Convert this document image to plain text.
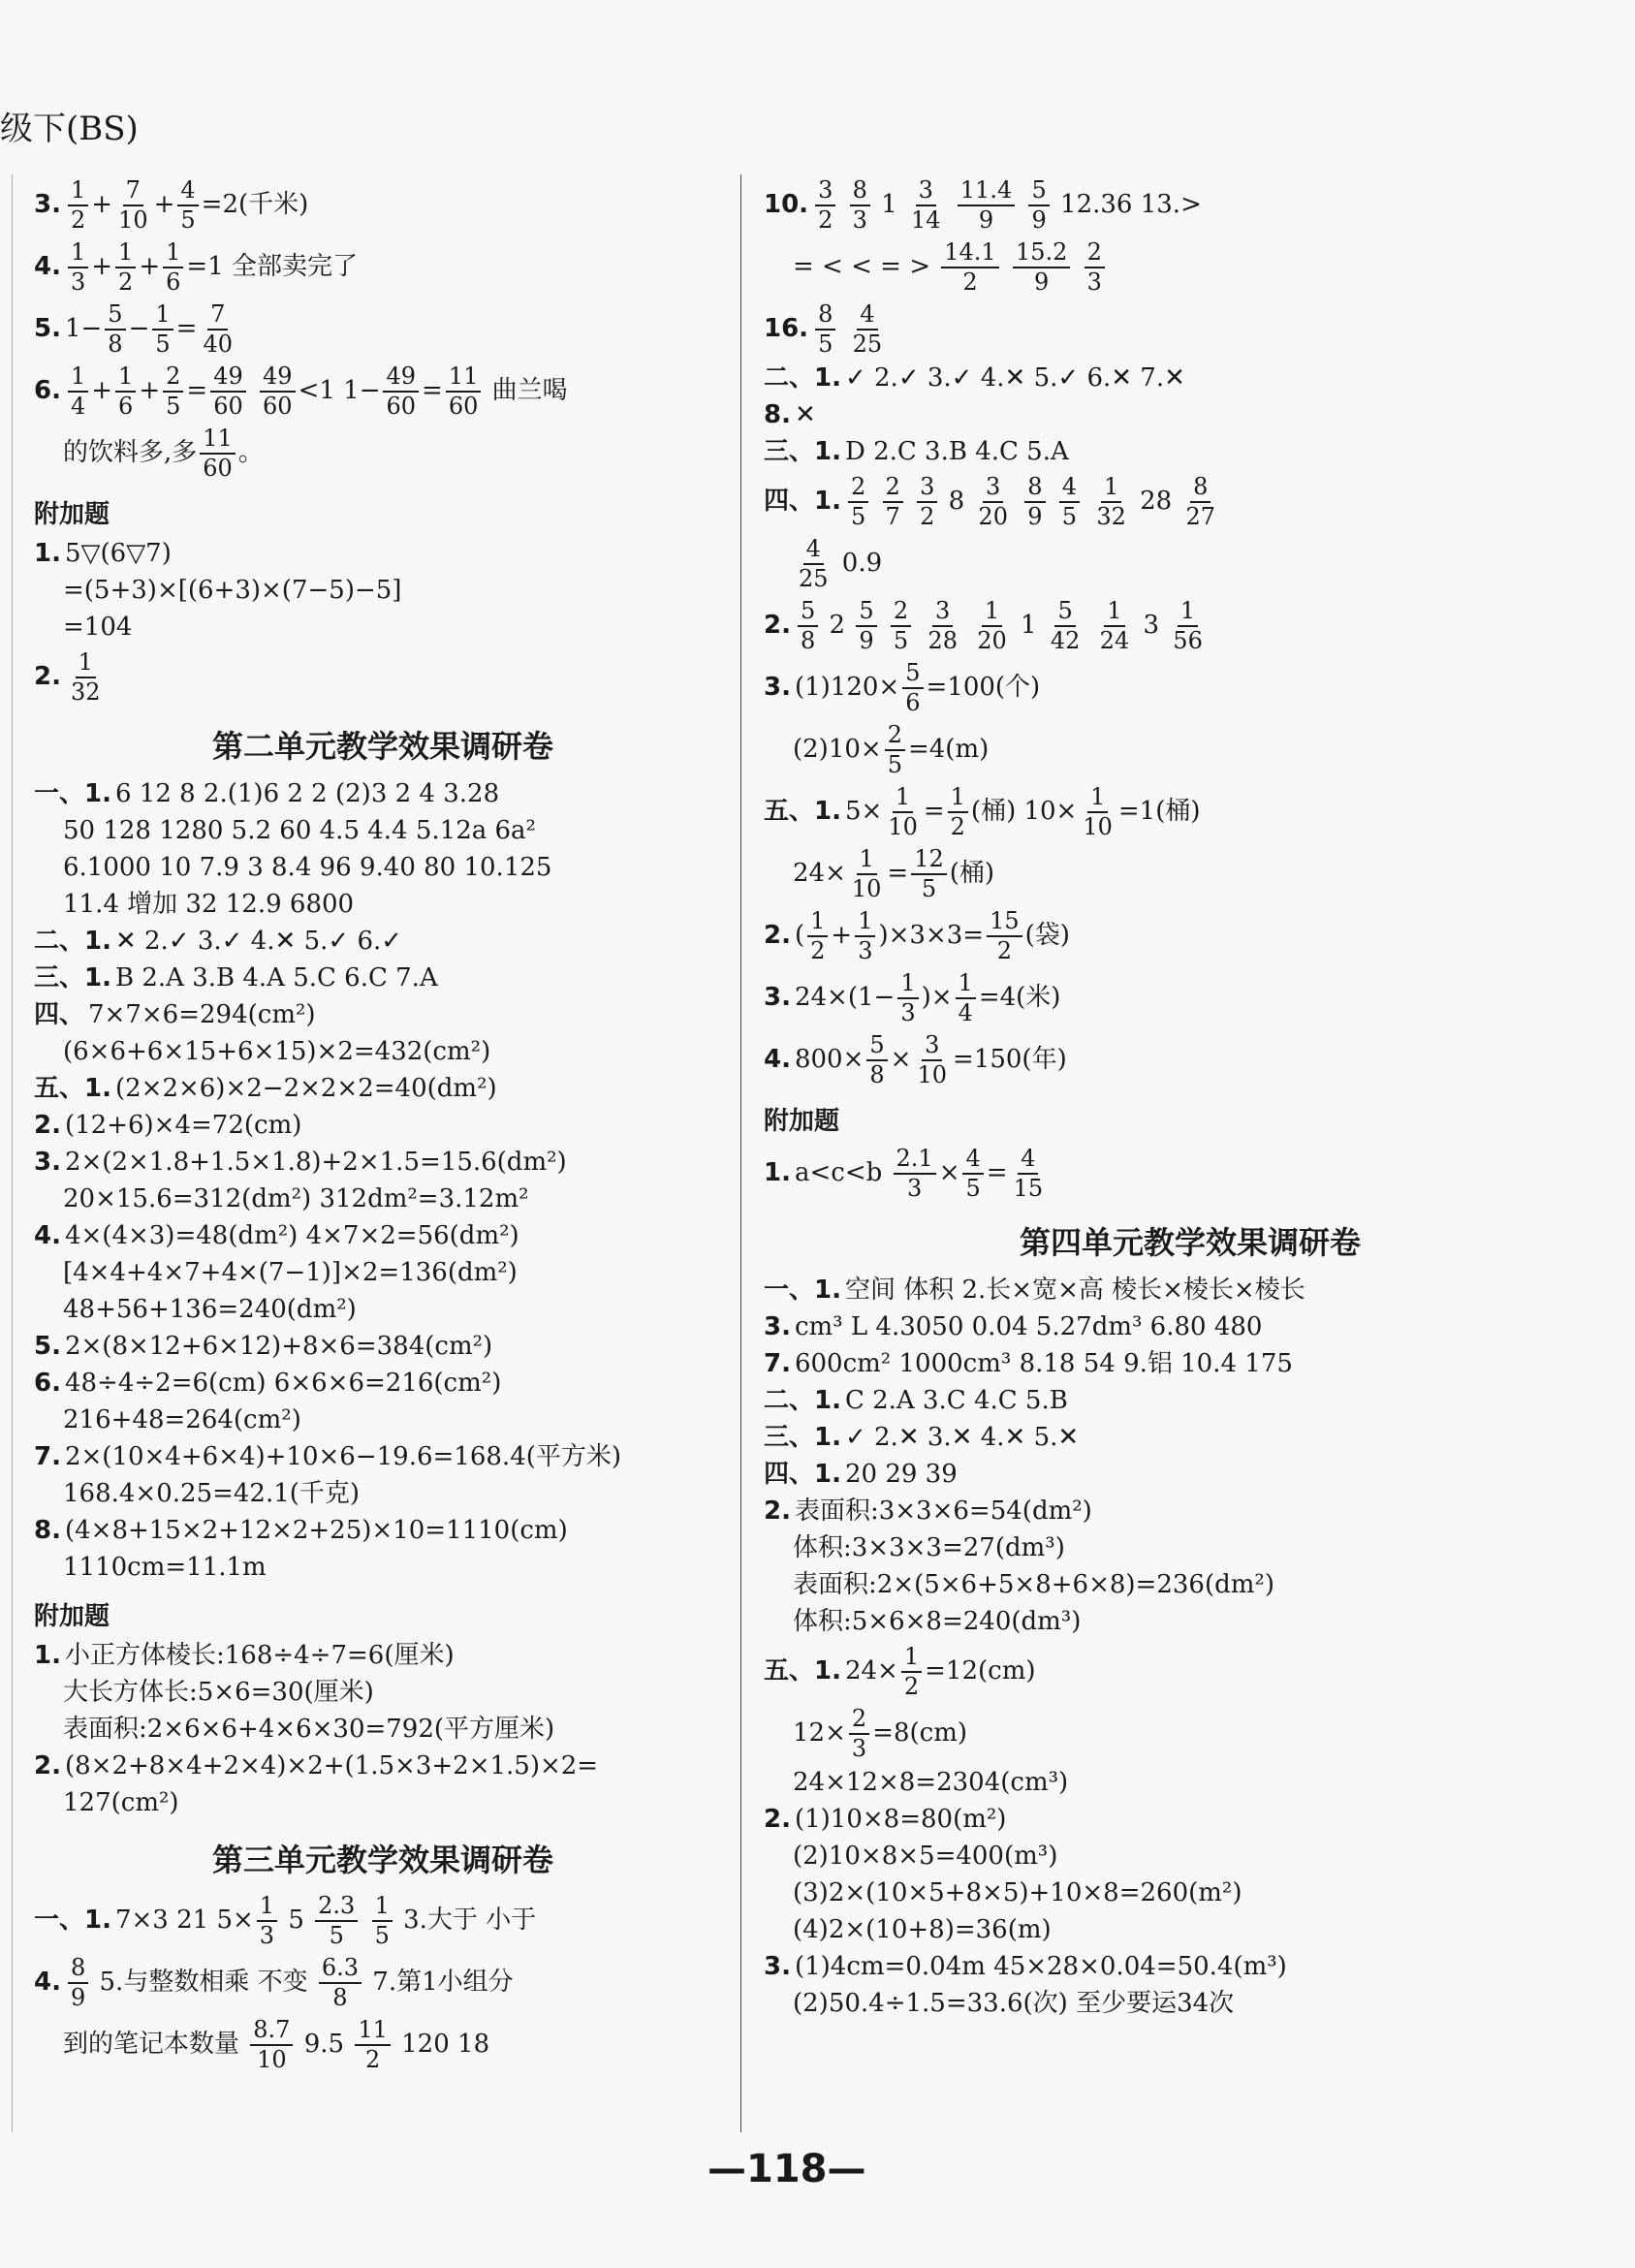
级下(BS)
3. $\frac{1}{2} + \frac{7}{10} + \frac{4}{5} =2$(千米)
4. $\frac{1}{3} + \frac{1}{2} + \frac{1}{6} =1$ 全部卖完了
5. $1- \frac{5}{8} - \frac{1}{5} = \frac{7}{40}$
6. $\frac{1}{4} + \frac{1}{6} + \frac{2}{5} = \frac{49}{60}$
$\frac{49}{60} <1$ $1- \frac{49}{60} = \frac{11}{60}$ 曲兰喝
的饮料多,多 $\frac{11}{60}$ 。
附加题
1. 5▽(6▽7)
=(5+3)×[(6+3)×(7−5)−5]
=104
2. $\frac{1}{32}$
第二单元教学效果调研卷
一、1. 6 12 8 2.(1)6 2 2 (2)3 2 4 3.28
50 128 1280 5.2 60 4.5 4.4 5.12a 6a²
6.1000 10 7.9 3 8.4 96 9.40 80 10.125
11.4 增加 32 12.9 6800
二、1. ✕ 2.✓ 3.✓ 4.✕ 5.✓ 6.✓
三、1. B 2.A 3.B 4.A 5.C 6.C 7.A
四、 7×7×6=294(cm²)
(6×6+6×15+6×15)×2=432(cm²)
五、1. (2×2×6)×2−2×2×2=40(dm²)
2. (12+6)×4=72(cm)
3. 2×(2×1.8+1.5×1.8)+2×1.5=15.6(dm²)
20×15.6=312(dm²) 312dm²=3.12m²
4. 4×(4×3)=48(dm²) 4×7×2=56(dm²)
[4×4+4×7+4×(7−1)]×2=136(dm²)
48+56+136=240(dm²)
5. 2×(8×12+6×12)+8×6=384(cm²)
6. 48÷4÷2=6(cm) 6×6×6=216(cm²)
216+48=264(cm²)
7. 2×(10×4+6×4)+10×6−19.6=168.4(平方米)
168.4×0.25=42.1(千克)
8. (4×8+15×2+12×2+25)×10=1110(cm)
1110cm=11.1m
附加题
1. 小正方体棱长:168÷4÷7=6(厘米)
大长方体长:5×6=30(厘米)
表面积:2×6×6+4×6×30=792(平方厘米)
2. (8×2+8×4+2×4)×2+(1.5×3+2×1.5)×2=
127(cm²)
第三单元教学效果调研卷
一、1. 7×3 21 $5\times \frac{1}{3} 5 \frac{2.3}{5}$
$\frac{1}{5} 3$.大于 小于
4. $\frac{8}{9} 5$.与整数相乘 不变 $\frac{6.3}{8} 7$.第1小组分
到的笔记本数量 $\frac{8.7}{10} 9.5 \frac{11}{2} 120$ 18
10. $\frac{3}{2}$
$\frac{8}{3} 1 \frac{3}{14}$
$\frac{11.4}{9}$
$\frac{5}{9} 12.36$ 13.>
= < < = > $\frac{14.1}{2}$
$\frac{15.2}{9}$
$\frac{2}{3}$
16. $\frac{8}{5}$
$\frac{4}{25}$
二、1. ✓ 2.✓ 3.✓ 4.✕ 5.✓ 6.✕ 7.✕
8. ✕
三、1. D 2.C 3.B 4.C 5.A
四、1. $\frac{2}{5}$
$\frac{2}{7}$
$\frac{3}{2} 8 \frac{3}{20}$
$\frac{8}{9}$
$\frac{4}{5}$
$\frac{1}{32} 28 \frac{8}{27}$
$\frac{4}{25} 0.9$
2. $\frac{5}{8} 2 \frac{5}{9}$
$\frac{2}{5}$
$\frac{3}{28}$
$\frac{1}{20} 1 \frac{5}{42}$
$\frac{1}{24} 3 \frac{1}{56}$
3. $(1)120\times \frac{5}{6} =100$(个)
$(2)10\times \frac{2}{5} =4(m)$
五、1. $5\times \frac{1}{10} = \frac{1}{2}$ (桶) $10\times \frac{1}{10} =1$(桶)
$24\times \frac{1}{10} = \frac{12}{5}$ (桶)
2. ( $\frac{1}{2} + \frac{1}{3} )\times 3\times 3= \frac{15}{2}$ (袋)
3. $24\times(1- \frac{1}{3}$ )× $\frac{1}{4} =4$(米)
4. $800\times \frac{5}{8} \times \frac{3}{10} =150$(年)
附加题
1. $a<c<b \frac{2.1}{3} \times \frac{4}{5} = \frac{4}{15}$
第四单元教学效果调研卷
一、1. 空间 体积 2.长×宽×高 棱长×棱长×棱长
3. cm³ L 4.3050 0.04 5.27dm³ 6.80 480
7. 600cm² 1000cm³ 8.18 54 9.铝 10.4 175
二、1. C 2.A 3.C 4.C 5.B
三、1. ✓ 2.✕ 3.✕ 4.✕ 5.✕
四、1. 20 29 39
2. 表面积:3×3×6=54(dm²)
体积:3×3×3=27(dm³)
表面积:2×(5×6+5×8+6×8)=236(dm²)
体积:5×6×8=240(dm³)
五、1. $24\times \frac{1}{2} =12(cm)$
$12\times \frac{2}{3} =8(cm)$
24×12×8=2304(cm³)
2. (1)10×8=80(m²)
(2)10×8×5=400(m³)
(3)2×(10×5+8×5)+10×8=260(m²)
(4)2×(10+8)=36(m)
3. (1)4cm=0.04m 45×28×0.04=50.4(m³)
(2)50.4÷1.5=33.6(次) 至少要运34次
—118—
